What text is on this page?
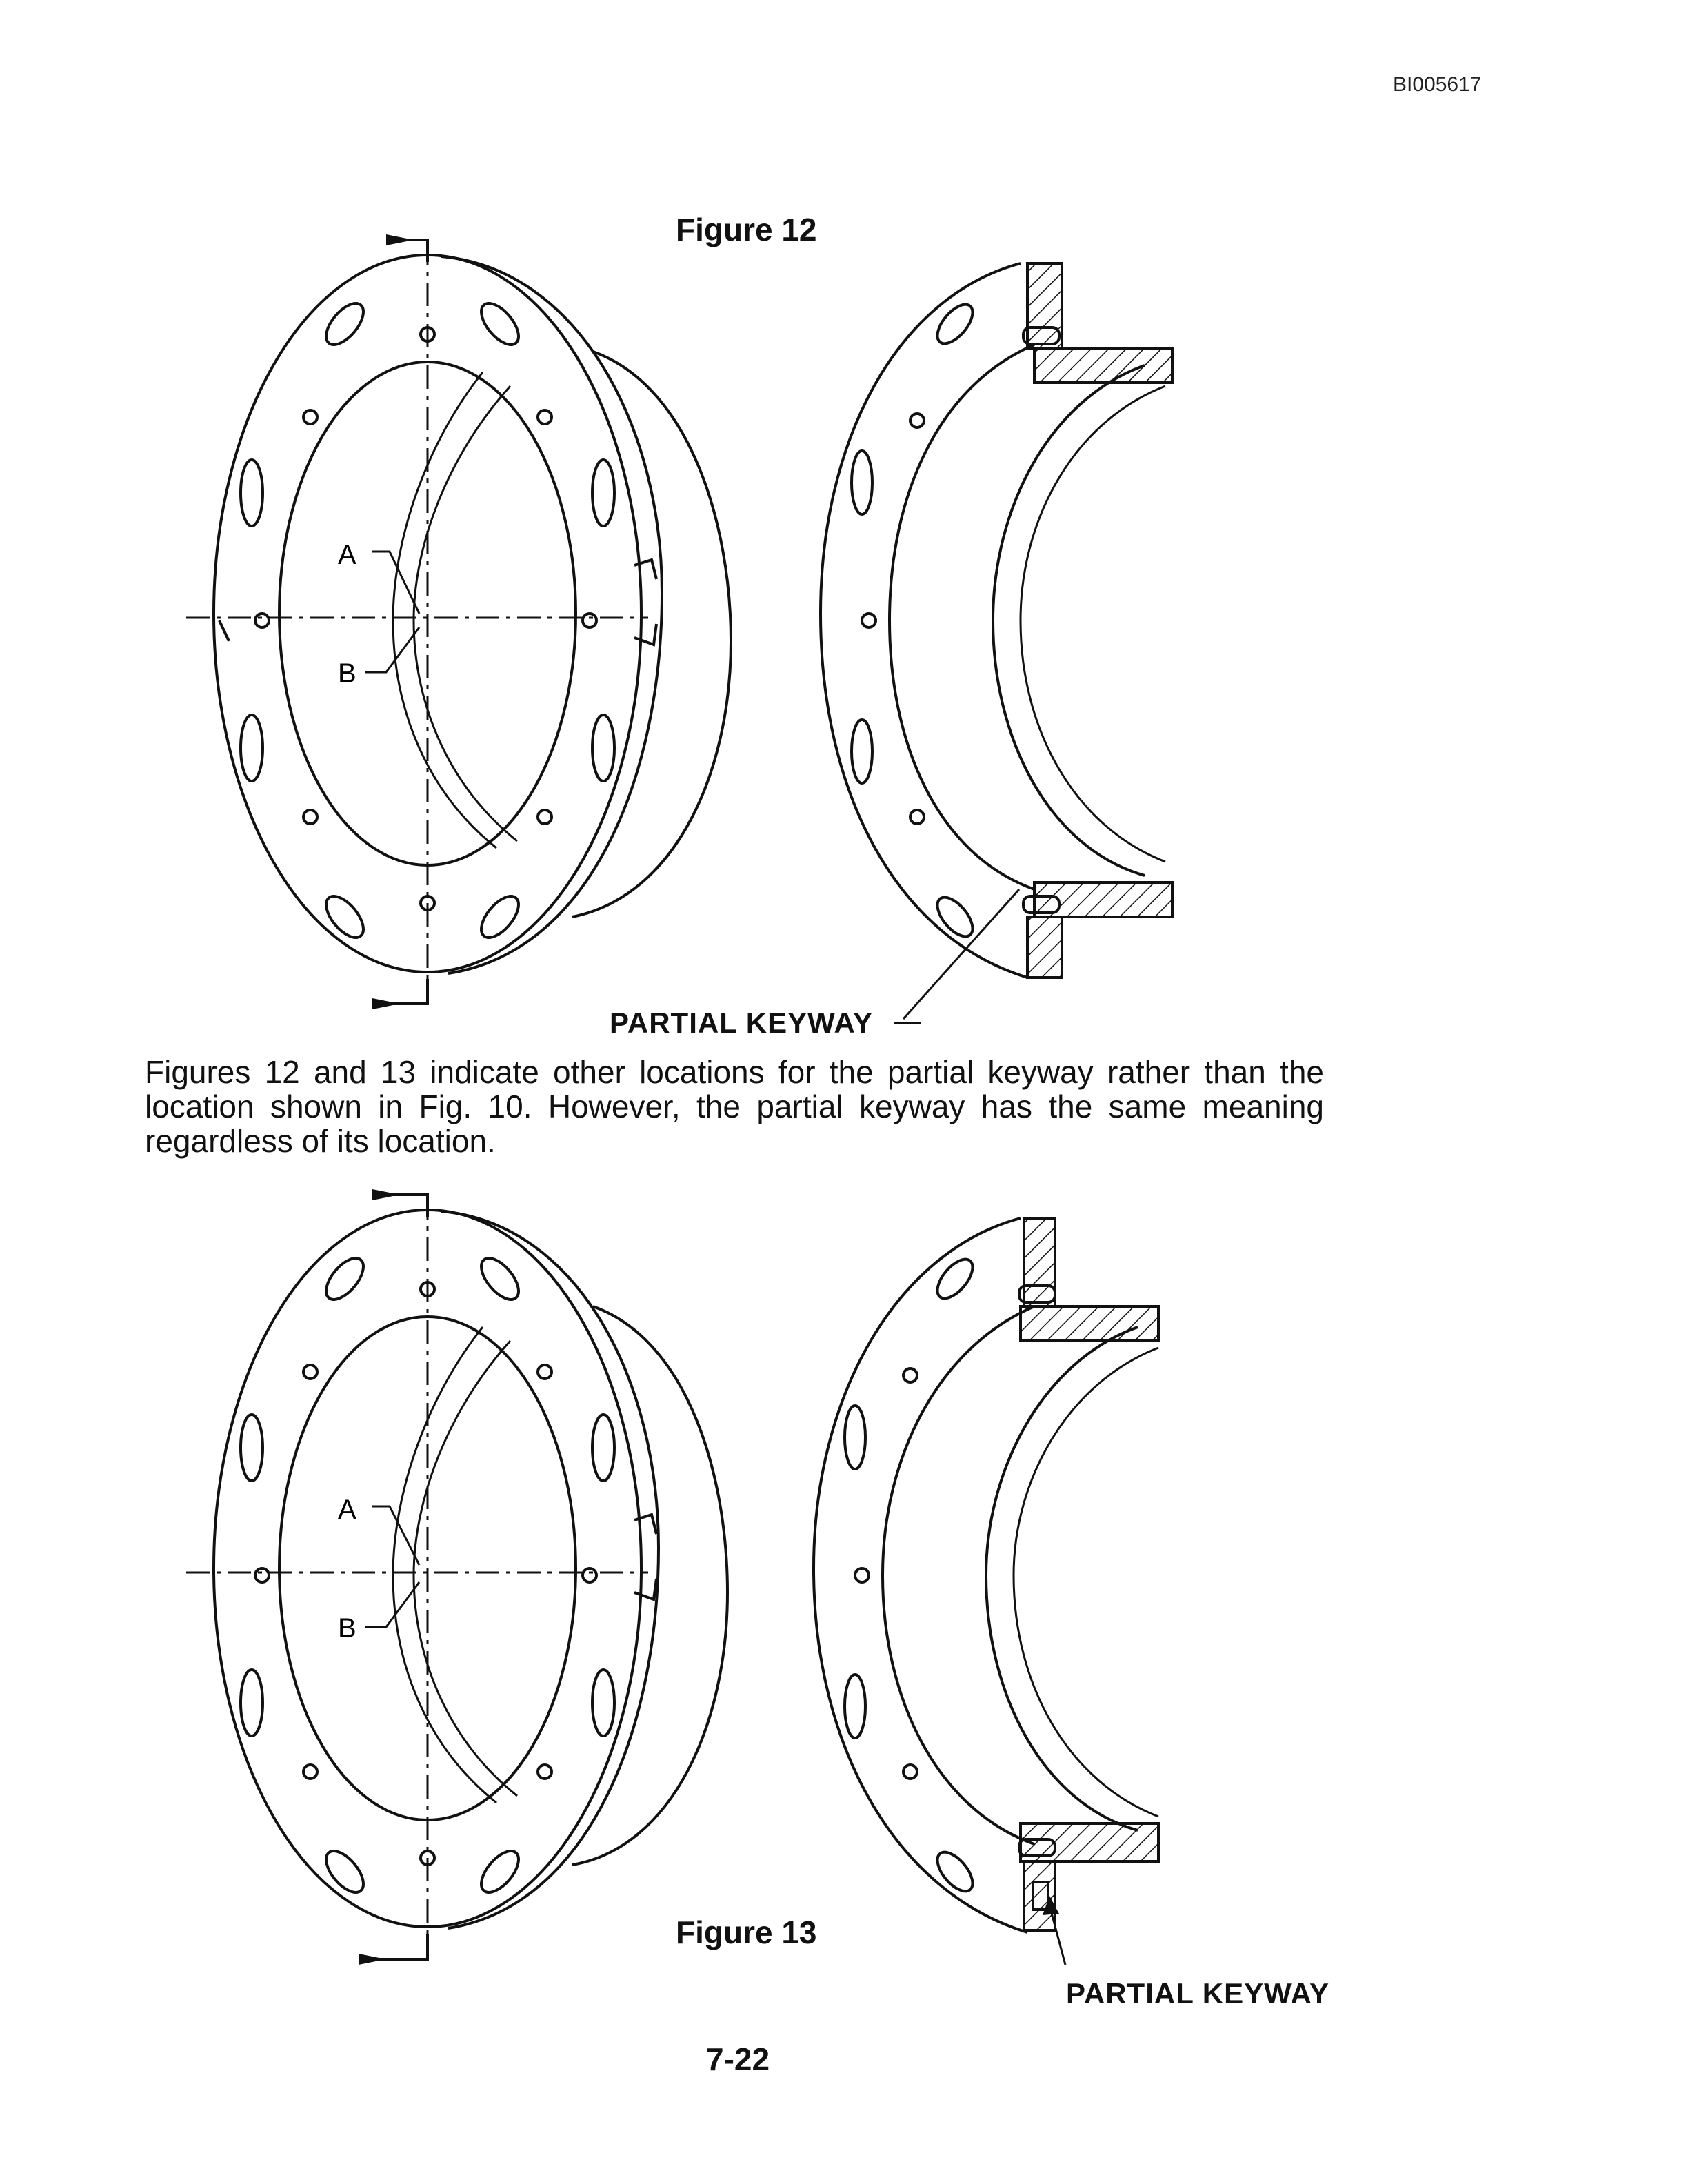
BI005617
A
B
A
B
Figure 12
PARTIAL KEYWAY
Figures 12 and 13 indicate other locations for the partial keyway rather than the location shown in Fig. 10. However, the partial keyway has the same meaning regardless of its location.
Figure 13
PARTIAL KEYWAY
7-22
